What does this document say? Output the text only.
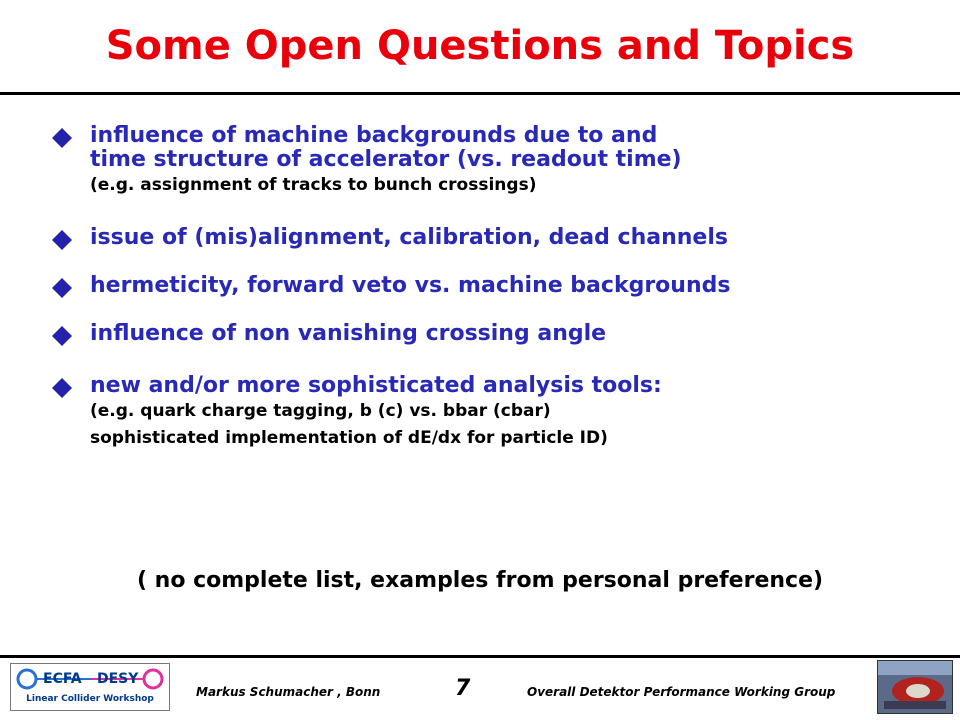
Some Open Questions and Topics
influence of machine backgrounds due to and
time structure of accelerator (vs. readout time)
(e.g. assignment of tracks to bunch crossings)
issue of (mis)alignment, calibration, dead channels
hermeticity, forward veto vs. machine backgrounds
influence of non vanishing crossing angle
new and/or more sophisticated analysis tools:
(e.g. quark charge tagging, b (c) vs. bbar (cbar)
sophisticated implementation of dE/dx for particle ID)
( no complete list, examples from personal preference)
ECFA DESY
Linear Collider Workshop	Markus Schumacher , Bonn	7	Overall Detektor Performance Working Group
